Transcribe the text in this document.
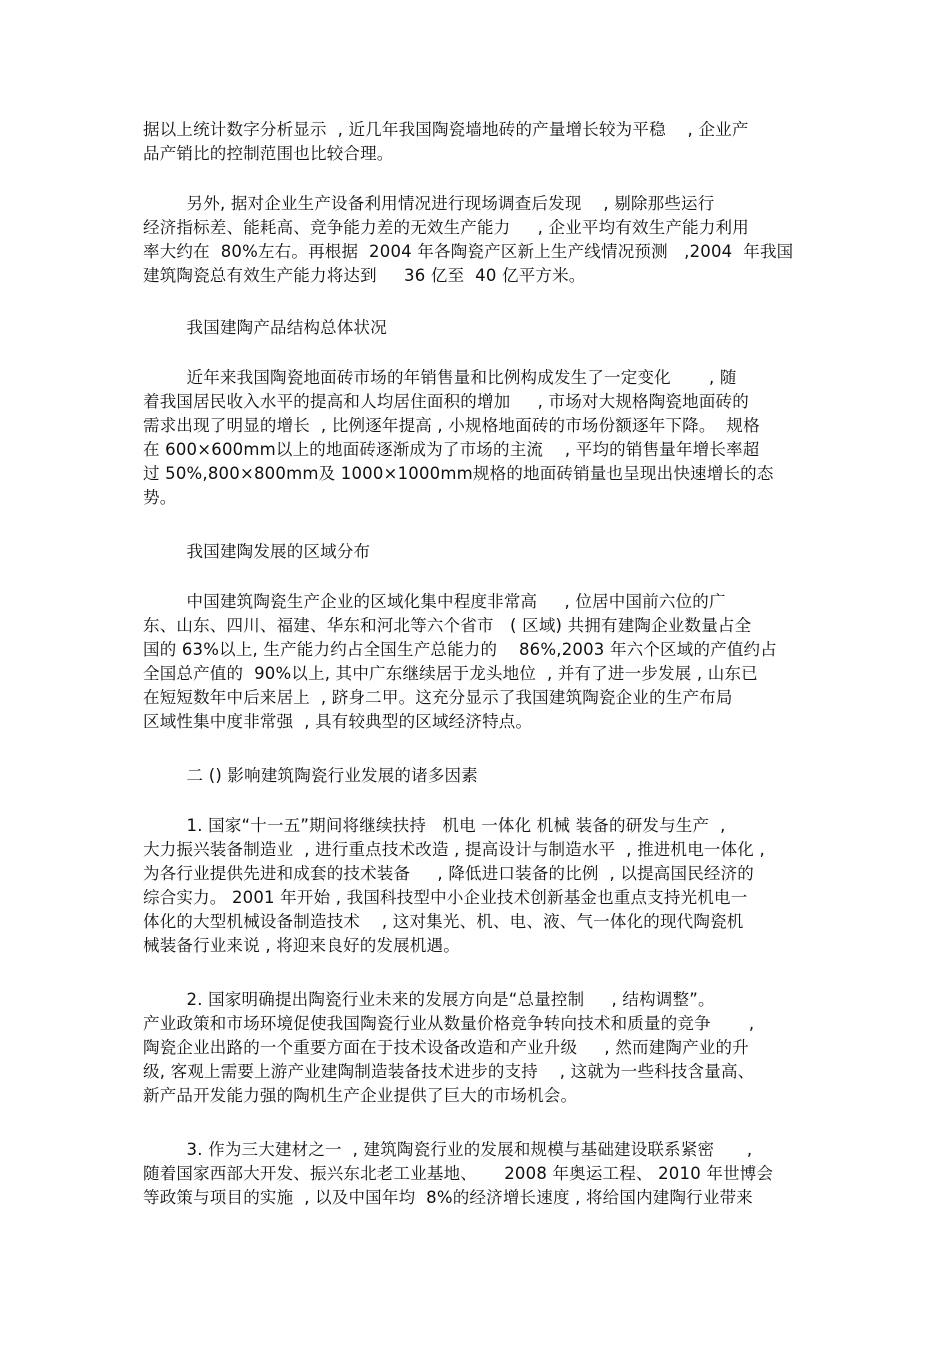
据以上统计数字分析显示  , 近几年我国陶瓷墙地砖的产量增长较为平稳    , 企业产
品产销比的控制范围也比较合理。
另外, 据对企业生产设备利用情况进行现场调查后发现    , 剔除那些运行
经济指标差、能耗高、竞争能力差的无效生产能力     , 企业平均有效生产能力利用
率大约在  80%左右。再根据  2004 年各陶瓷产区新上生产线情况预测   ,2004  年我国
建筑陶瓷总有效生产能力将达到     36 亿至  40 亿平方米。
我国建陶产品结构总体状况
近年来我国陶瓷地面砖市场的年销售量和比例构成发生了一定变化       , 随
着我国居民收入水平的提高和人均居住面积的增加     , 市场对大规格陶瓷地面砖的
需求出现了明显的增长  , 比例逐年提高 , 小规格地面砖的市场份额逐年下降。  规格
在 600×600mm以上的地面砖逐渐成为了市场的主流    , 平均的销售量年增长率超
过 50%,800×800mm及 1000×1000mm规格的地面砖销量也呈现出快速增长的态
势。
我国建陶发展的区域分布
中国建筑陶瓷生产企业的区域化集中程度非常高     , 位居中国前六位的广
东、山东、四川、福建、华东和河北等六个省市   ( 区域) 共拥有建陶企业数量占全
国的 63%以上, 生产能力约占全国生产总能力的    86%,2003 年六个区域的产值约占
全国总产值的  90%以上, 其中广东继续居于龙头地位  , 并有了进一步发展 , 山东已
在短短数年中后来居上  , 跻身二甲。这充分显示了我国建筑陶瓷企业的生产布局
区域性集中度非常强  , 具有较典型的区域经济特点。
二 () 影响建筑陶瓷行业发展的诸多因素
1. 国家“十一五”期间将继续扶持   机电 一体化 机械 装备的研发与生产  ,
大力振兴装备制造业  , 进行重点技术改造 , 提高设计与制造水平  , 推进机电一体化 ,
为各行业提供先进和成套的技术装备     , 降低进口装备的比例  , 以提高国民经济的
综合实力。 2001 年开始 , 我国科技型中小企业技术创新基金也重点支持光机电一
体化的大型机械设备制造技术    , 这对集光、机、电、液、气一体化的现代陶瓷机
械装备行业来说 , 将迎来良好的发展机遇。
2. 国家明确提出陶瓷行业未来的发展方向是“总量控制     , 结构调整”。
产业政策和市场环境促使我国陶瓷行业从数量价格竞争转向技术和质量的竞争       ,
陶瓷企业出路的一个重要方面在于技术设备改造和产业升级     , 然而建陶产业的升
级, 客观上需要上游产业建陶制造装备技术进步的支持    , 这就为一些科技含量高、
新产品开发能力强的陶机生产企业提供了巨大的市场机会。
3. 作为三大建材之一  , 建筑陶瓷行业的发展和规模与基础建设联系紧密      ,
随着国家西部大开发、振兴东北老工业基地、     2008 年奥运工程、 2010 年世博会
等政策与项目的实施  , 以及中国年均  8%的经济增长速度 , 将给国内建陶行业带来
